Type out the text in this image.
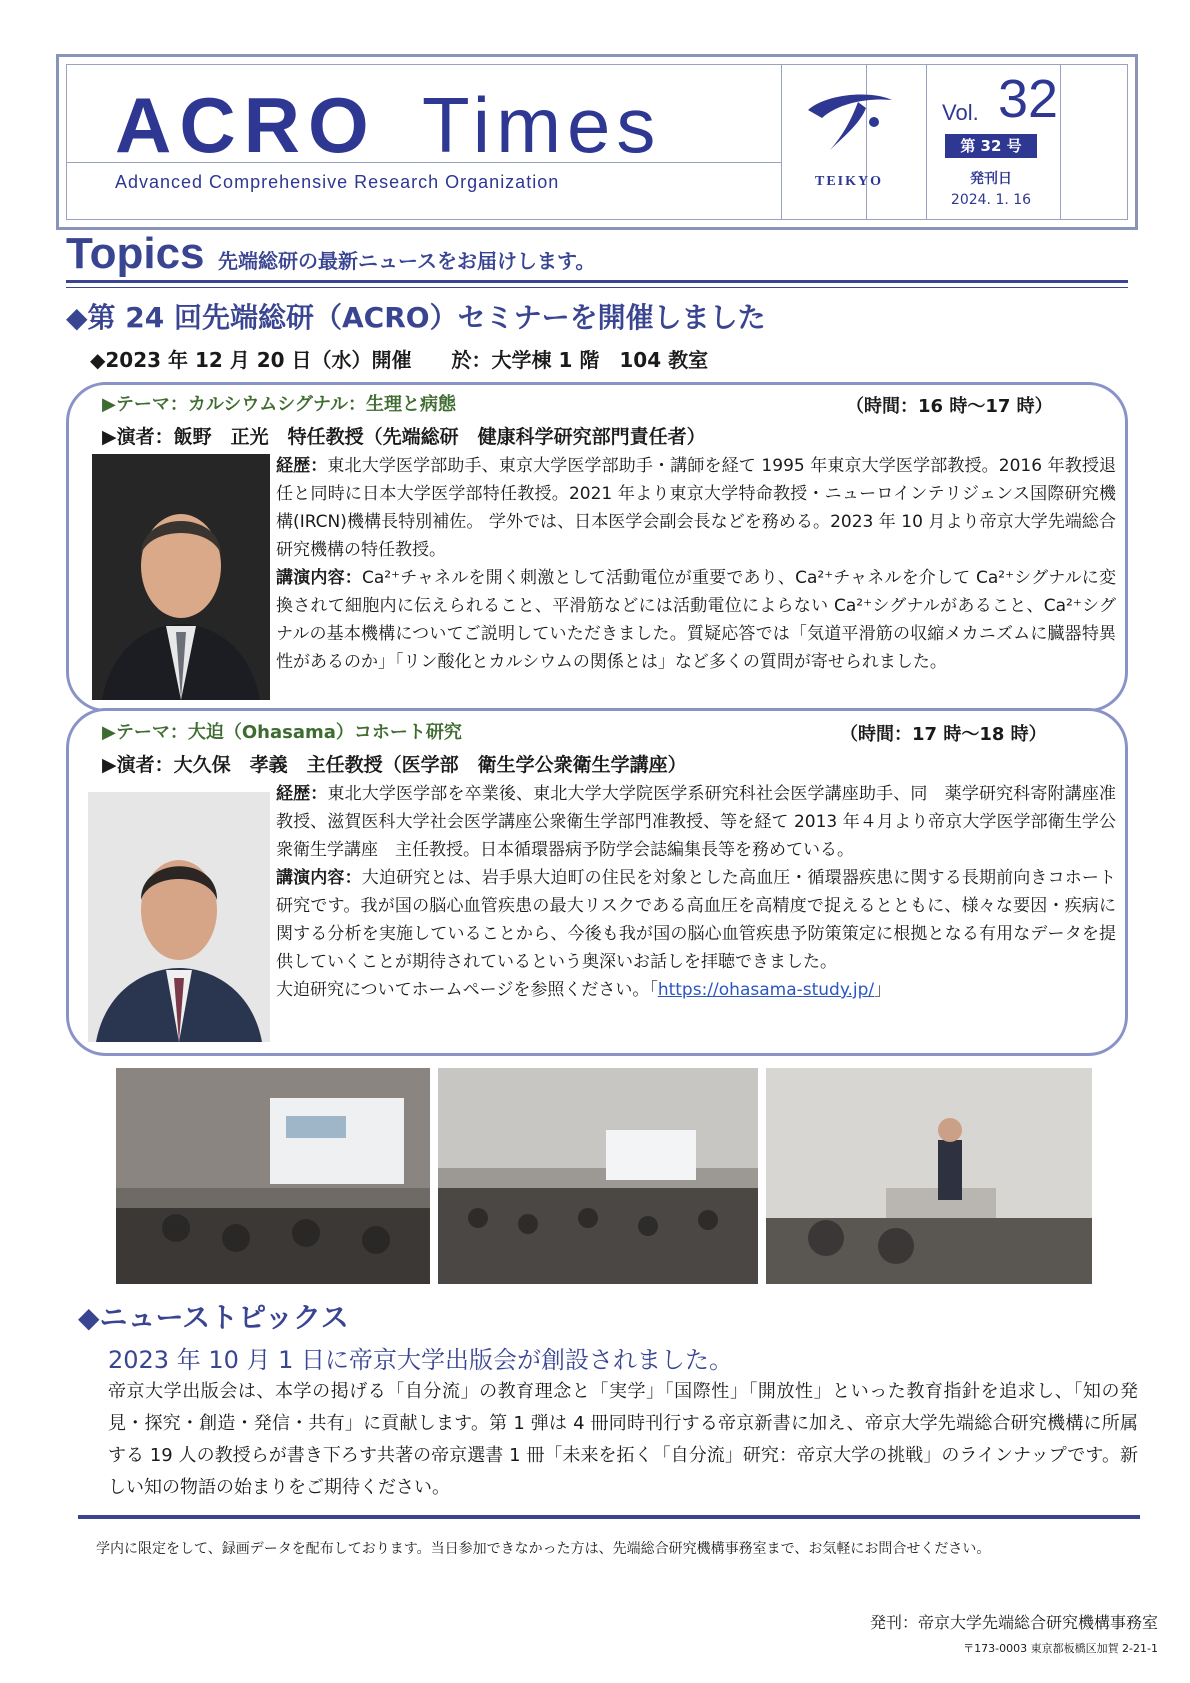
ACRO Times
Advanced Comprehensive Research Organization	TEIKYO
Vol. 32
第 32 号
発刊日
2024. 1. 16
Topics 先端総研の最新ニュースをお届けします。
◆第 24 回先端総研（ACRO）セミナーを開催しました
◆2023 年 12 月 20 日（水）開催　　於：大学棟 1 階　104 教室
▶テーマ：カルシウムシグナル：生理と病態	（時間：16 時～17 時）
▶演者：飯野　正光　特任教授（先端総研　健康科学研究部門責任者）
経歴：東北大学医学部助手、東京大学医学部助手・講師を経て 1995 年東京大学医学部教授。2016 年教授退任と同時に日本大学医学部特任教授。2021 年より東京大学特命教授・ニューロインテリジェンス国際研究機構(IRCN)機構長特別補佐。 学外では、日本医学会副会長などを務める。2023 年 10 月より帝京大学先端総合研究機構の特任教授。
講演内容：Ca²⁺チャネルを開く刺激として活動電位が重要であり、Ca²⁺チャネルを介して Ca²⁺シグナルに変換されて細胞内に伝えられること、平滑筋などには活動電位によらない Ca²⁺シグナルがあること、Ca²⁺シグナルの基本機構についてご説明していただきました。質疑応答では「気道平滑筋の収縮メカニズムに臓器特異性があるのか」「リン酸化とカルシウムの関係とは」など多くの質問が寄せられました。
▶テーマ：大迫（Ohasama）コホート研究	（時間：17 時～18 時）
▶演者：大久保　孝義　主任教授（医学部　衛生学公衆衛生学講座）
経歴：東北大学医学部を卒業後、東北大学大学院医学系研究科社会医学講座助手、同　薬学研究科寄附講座准教授、滋賀医科大学社会医学講座公衆衛生学部門准教授、等を経て 2013 年４月より帝京大学医学部衛生学公衆衛生学講座　主任教授。日本循環器病予防学会誌編集長等を務めている。
講演内容：大迫研究とは、岩手県大迫町の住民を対象とした高血圧・循環器疾患に関する長期前向きコホート研究です。我が国の脳心血管疾患の最大リスクである高血圧を高精度で捉えるとともに、様々な要因・疾病に関する分析を実施していることから、今後も我が国の脳心血管疾患予防策策定に根拠となる有用なデータを提供していくことが期待されているという奥深いお話しを拝聴できました。
大迫研究についてホームページを参照ください。「https://ohasama-study.jp/」
◆ニューストピックス
2023 年 10 月 1 日に帝京大学出版会が創設されました。
帝京大学出版会は、本学の掲げる「自分流」の教育理念と「実学」「国際性」「開放性」といった教育指針を追求し、「知の発見・探究・創造・発信・共有」に貢献します。第 1 弾は 4 冊同時刊行する帝京新書に加え、帝京大学先端総合研究機構に所属する 19 人の教授らが書き下ろす共著の帝京選書 1 冊「未来を拓く「自分流」研究：帝京大学の挑戦」のラインナップです。新しい知の物語の始まりをご期待ください。
学内に限定をして、録画データを配布しております。当日参加できなかった方は、先端総合研究機構事務室まで、お気軽にお問合せください。
発刊：帝京大学先端総合研究機構事務室
〒173-0003 東京都板橋区加賀 2-21-1
